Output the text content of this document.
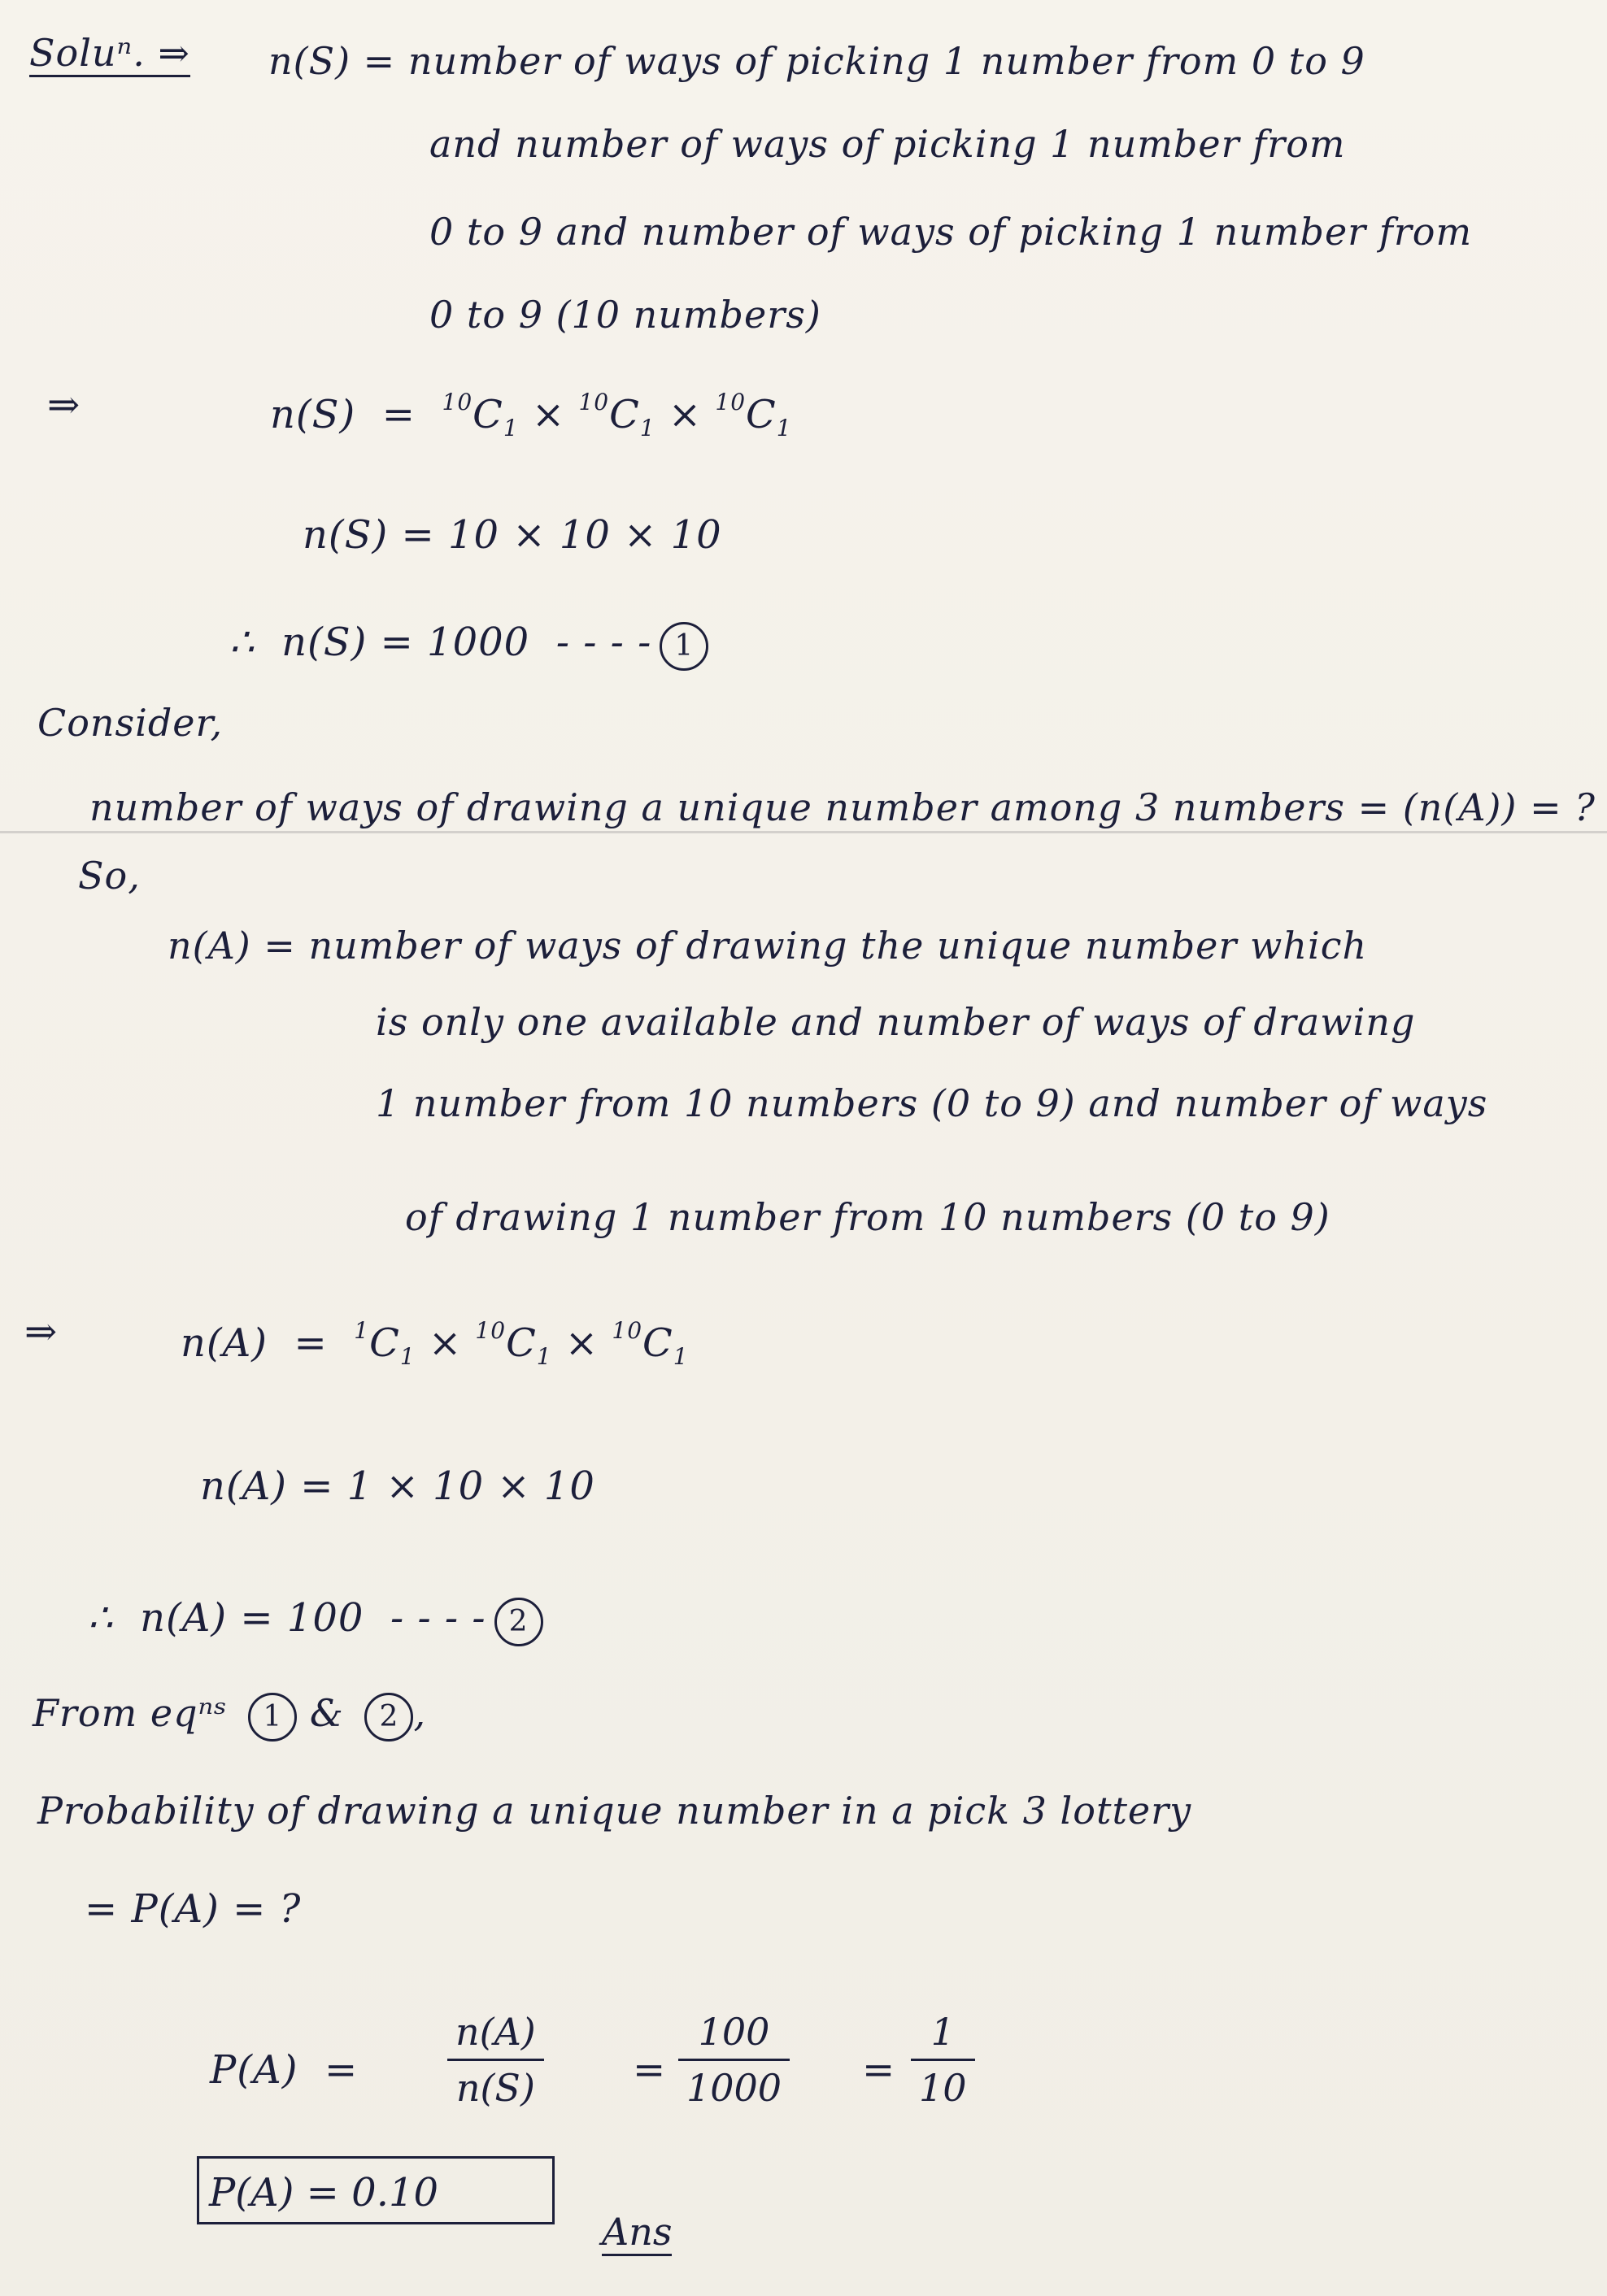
Soluⁿ. ⇒ n(S) = number of ways of picking 1 number from 0 to 9
and number of ways of picking 1 number from
0 to 9 and number of ways of picking 1 number from
0 to 9 (10 numbers)
⇒	$n(S) = ^{10}C_1 \times ^{10}C_1 \times ^{10}C_1$
n(S) = 10 × 10 × 10
∴ n(S) = 1000 - - - - 1
Consider,
number of ways of drawing a unique number among 3 numbers = (n(A)) = ?
So,
n(A) = number of ways of drawing the unique number which
is only one available and number of ways of drawing
1 number from 10 numbers (0 to 9) and number of ways
of drawing 1 number from 10 numbers (0 to 9)
⇒	$n(A) = ^1C_1 \times ^{10}C_1 \times ^{10}C_1$
n(A) = 1 × 10 × 10
∴ n(A) = 100 - - - - 2
From eqⁿˢ 1 & 2 ,
Probability of drawing a unique number in a pick 3 lottery
= P(A) = ?
P(A) =
n(A)
n(S)	=
100
1000 =
1
10
P(A) = 0.10
Ans
